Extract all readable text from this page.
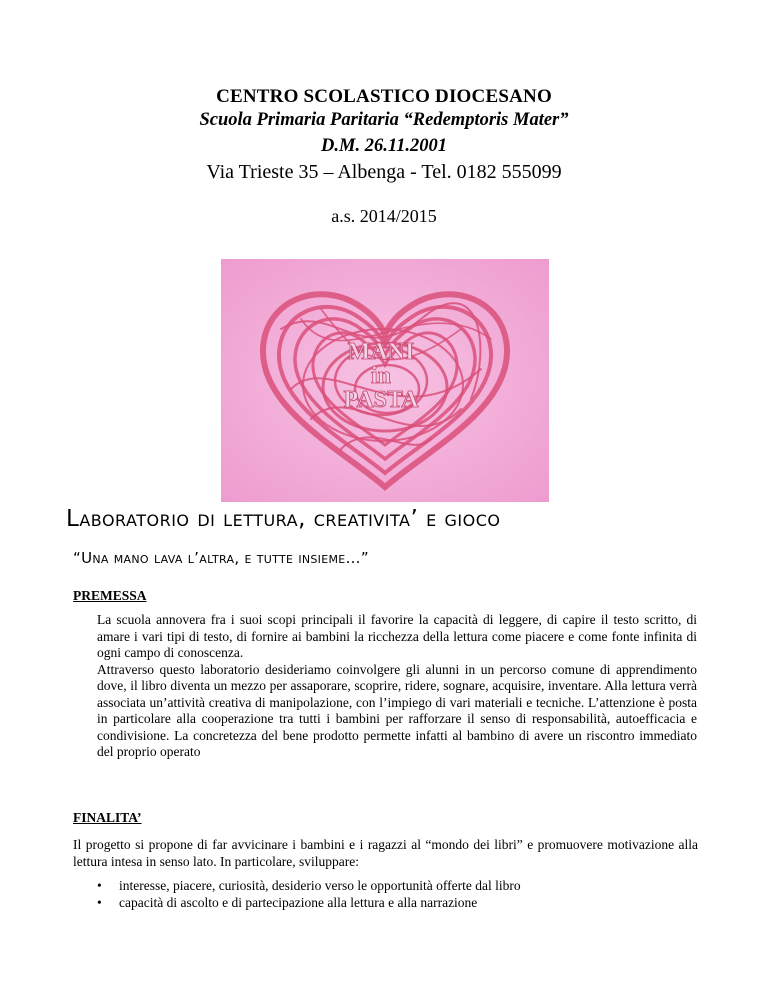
CENTRO SCOLASTICO DIOCESANO
Scuola Primaria Paritaria “Redemptoris Mater”
D.M. 26.11.2001
Via Trieste 35 – Albenga - Tel. 0182 555099
a.s. 2014/2015
MANI
in
PASTA
Laboratorio di lettura, creativita’ e gioco
“Una mano lava l’altra, e tutte insieme…”
PREMESSA
La scuola annovera fra i suoi scopi principali il favorire la capacità di leggere, di capire il testo scritto, di amare i vari tipi di testo, di fornire ai bambini la ricchezza della lettura come piacere e come fonte infinita di ogni campo di conoscenza.
Attraverso questo laboratorio desideriamo coinvolgere gli alunni in un percorso comune di apprendimento dove, il libro diventa un mezzo per assaporare, scoprire, ridere, sognare, acquisire, inventare. Alla lettura verrà associata un’attività creativa di manipolazione, con l’impiego di vari materiali e tecniche. L’attenzione è posta in particolare alla cooperazione tra tutti i bambini per rafforzare il senso di responsabilità, autoefficacia e condivisione. La concretezza del bene prodotto permette infatti al bambino di avere un riscontro immediato del proprio operato
FINALITA’
Il progetto si propone di far avvicinare i bambini e i ragazzi al “mondo dei libri” e promuovere motivazione alla lettura intesa in senso lato. In particolare, sviluppare:
• interesse, piacere, curiosità, desiderio verso le opportunità offerte dal libro
• capacità di ascolto e di partecipazione alla lettura e alla narrazione
